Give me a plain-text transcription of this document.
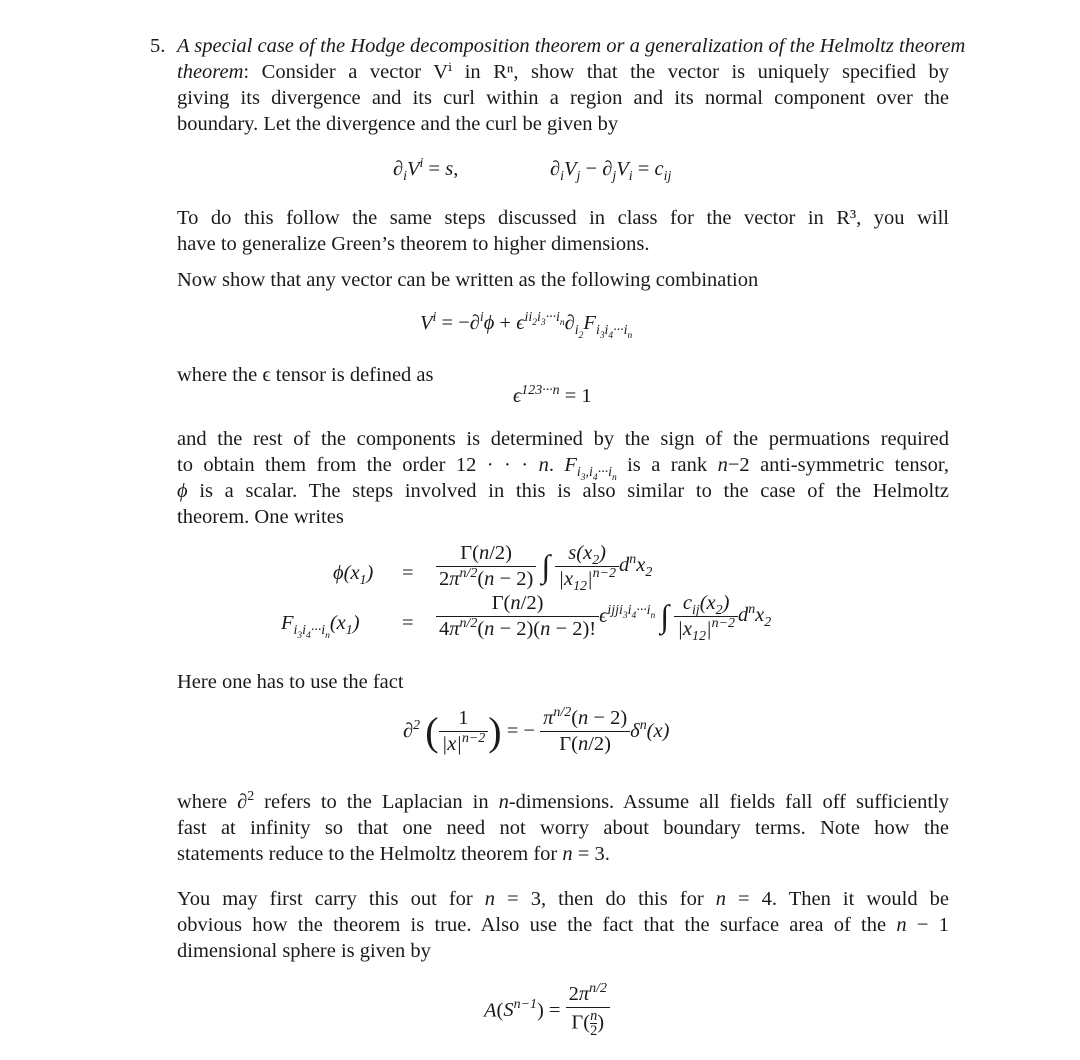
5. A special case of the Hodge decomposition theorem or a generalization of the Helmoltz theorem
theorem: Consider a vector Vⁱ in Rⁿ, show that the vector is uniquely specified by
giving its divergence and its curl within a region and its normal component over the
boundary. Let the divergence and the curl be given by
$\partial_iV^i = s$,	$\partial_iV_j - \partial_jV_i = c_{ij}$
To do this follow the same steps discussed in class for the vector in R³, you will
have to generalize Green’s theorem to higher dimensions.
Now show that any vector can be written as the following combination
$V^i = -\partial^i\phi + \epsilon^{ii_2i_3\cdot\cdot\cdot i_n}\partial_{i_2}F_{i_3i_4\cdot\cdot\cdot i_n}$
where the ϵ tensor is defined as
$\epsilon^{123\cdot\cdot\cdot n} = 1$
and the rest of the components is determined by the sign of the permuations required
to obtain them from the order 12 · · · n. $F_{i_3,i_4\cdot\cdot\cdot i_n}$ is a rank n−2 anti-symmetric tensor,
ϕ is a scalar. The steps involved in this is also similar to the case of the Helmoltz
theorem. One writes
$\phi(x_1) = \frac{\Gamma(n/2)}{2\pi^{n/2}(n - 2)}$ ∫ $\frac{s(x_2)}{|x_{12}|^{n-2}} d^nx_2$
$F_{i_3i_4\cdot\cdot\cdot i_n}(x_1) = \frac{\Gamma(n/2)}{4\pi^{n/2}(n - 2)(n - 2)!} \epsilon^{ijji_3i_4\cdot\cdot\cdot i_n}$ ∫ $\frac{c_{ij}(x_2)}{|x_{12}|^{n-2}} d^nx_2$
Here one has to use the fact
∂$^2$ ( $\frac{1}{|x|^{n-2}}$ ) = − $\frac{\pi^{n/2}(n - 2)}{\Gamma(n/2)} \delta^n(x)$
where ∂$^2$ refers to the Laplacian in n-dimensions. Assume all fields fall off sufficiently
fast at infinity so that one need not worry about boundary terms. Note how the
statements reduce to the Helmoltz theorem for n = 3.
You may first carry this out for n = 3, then do this for n = 4. Then it would be
obvious how the theorem is true. Also use the fact that the surface area of the n − 1
dimensional sphere is given by
$A(S^{n-1}) = \frac{2\pi^{n/2}}{\Gamma( \frac{n}{2} )}$
